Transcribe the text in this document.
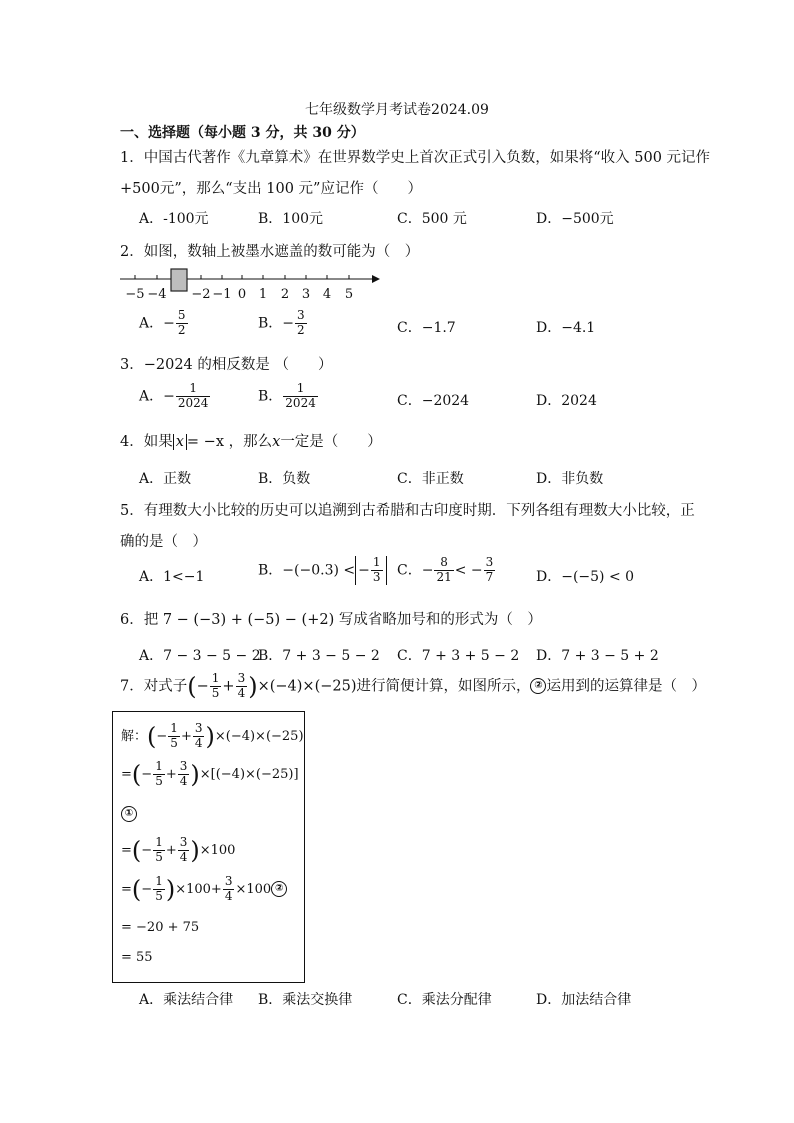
七年级数学月考试卷2024.09
一、选择题（每小题 3 分，共 30 分）
1．中国古代著作《九章算术》在世界数学史上首次正式引入负数，如果将“收入 500 元记作
+500元”，那么“支出 100 元”应记作（　　）
A．-100元	B．100元	C．500 元	D．−500元
2．如图，数轴上被墨水遮盖的数可能为（　）
−5 −4 −2 −1 0 1 2 3 4 5
A．− $\frac{5}{2}$	B．− $\frac{3}{2}$	C．−1.7	D．−4.1
3．−2024 的相反数是 （　　）
A．− $\frac{1}{2024}$	B． $\frac{1}{2024}$	C．−2024	D．2024
4．如果 x = −x ，那么x一定是（　　）
A．正数	B．负数	C．非正数	D．非负数
5．有理数大小比较的历史可以追溯到古希腊和古印度时期．下列各组有理数大小比较，正
确的是（　）
A．1<−1	B．−(−0.3) < − $\frac{1}{3}$ C．− $\frac{8}{21}$ < − $\frac{3}{7}$	D．−(−5) < 0
6．把 7 − (−3) + (−5) − (+2) 写成省略加号和的形式为（　）
A．7 − 3 − 5 − 2
B．7 + 3 − 5 − 2 C．7 + 3 + 5 − 2 D．7 + 3 − 5 + 2
7．对式子(− $\frac{1}{5} + \frac{3}{4} )\times(-4)\times(-25)$进行简便计算，如图所示， ② 运用到的运算律是（　）
解：(− $\frac{1}{5} + \frac{3}{4} )\times(-4)\times(-25)$
=(− $\frac{1}{5} + \frac{3}{4} )\times[(-4)\times(-25)]$
①
=(− $\frac{1}{5} + \frac{3}{4} )\times 100$
=(− $\frac{1}{5} )\times 100+ \frac{3}{4} \times 100$ ②
= −20 + 75
= 55
A．乘法结合律 B．乘法交换律	C．乘法分配律	D．加法结合律
